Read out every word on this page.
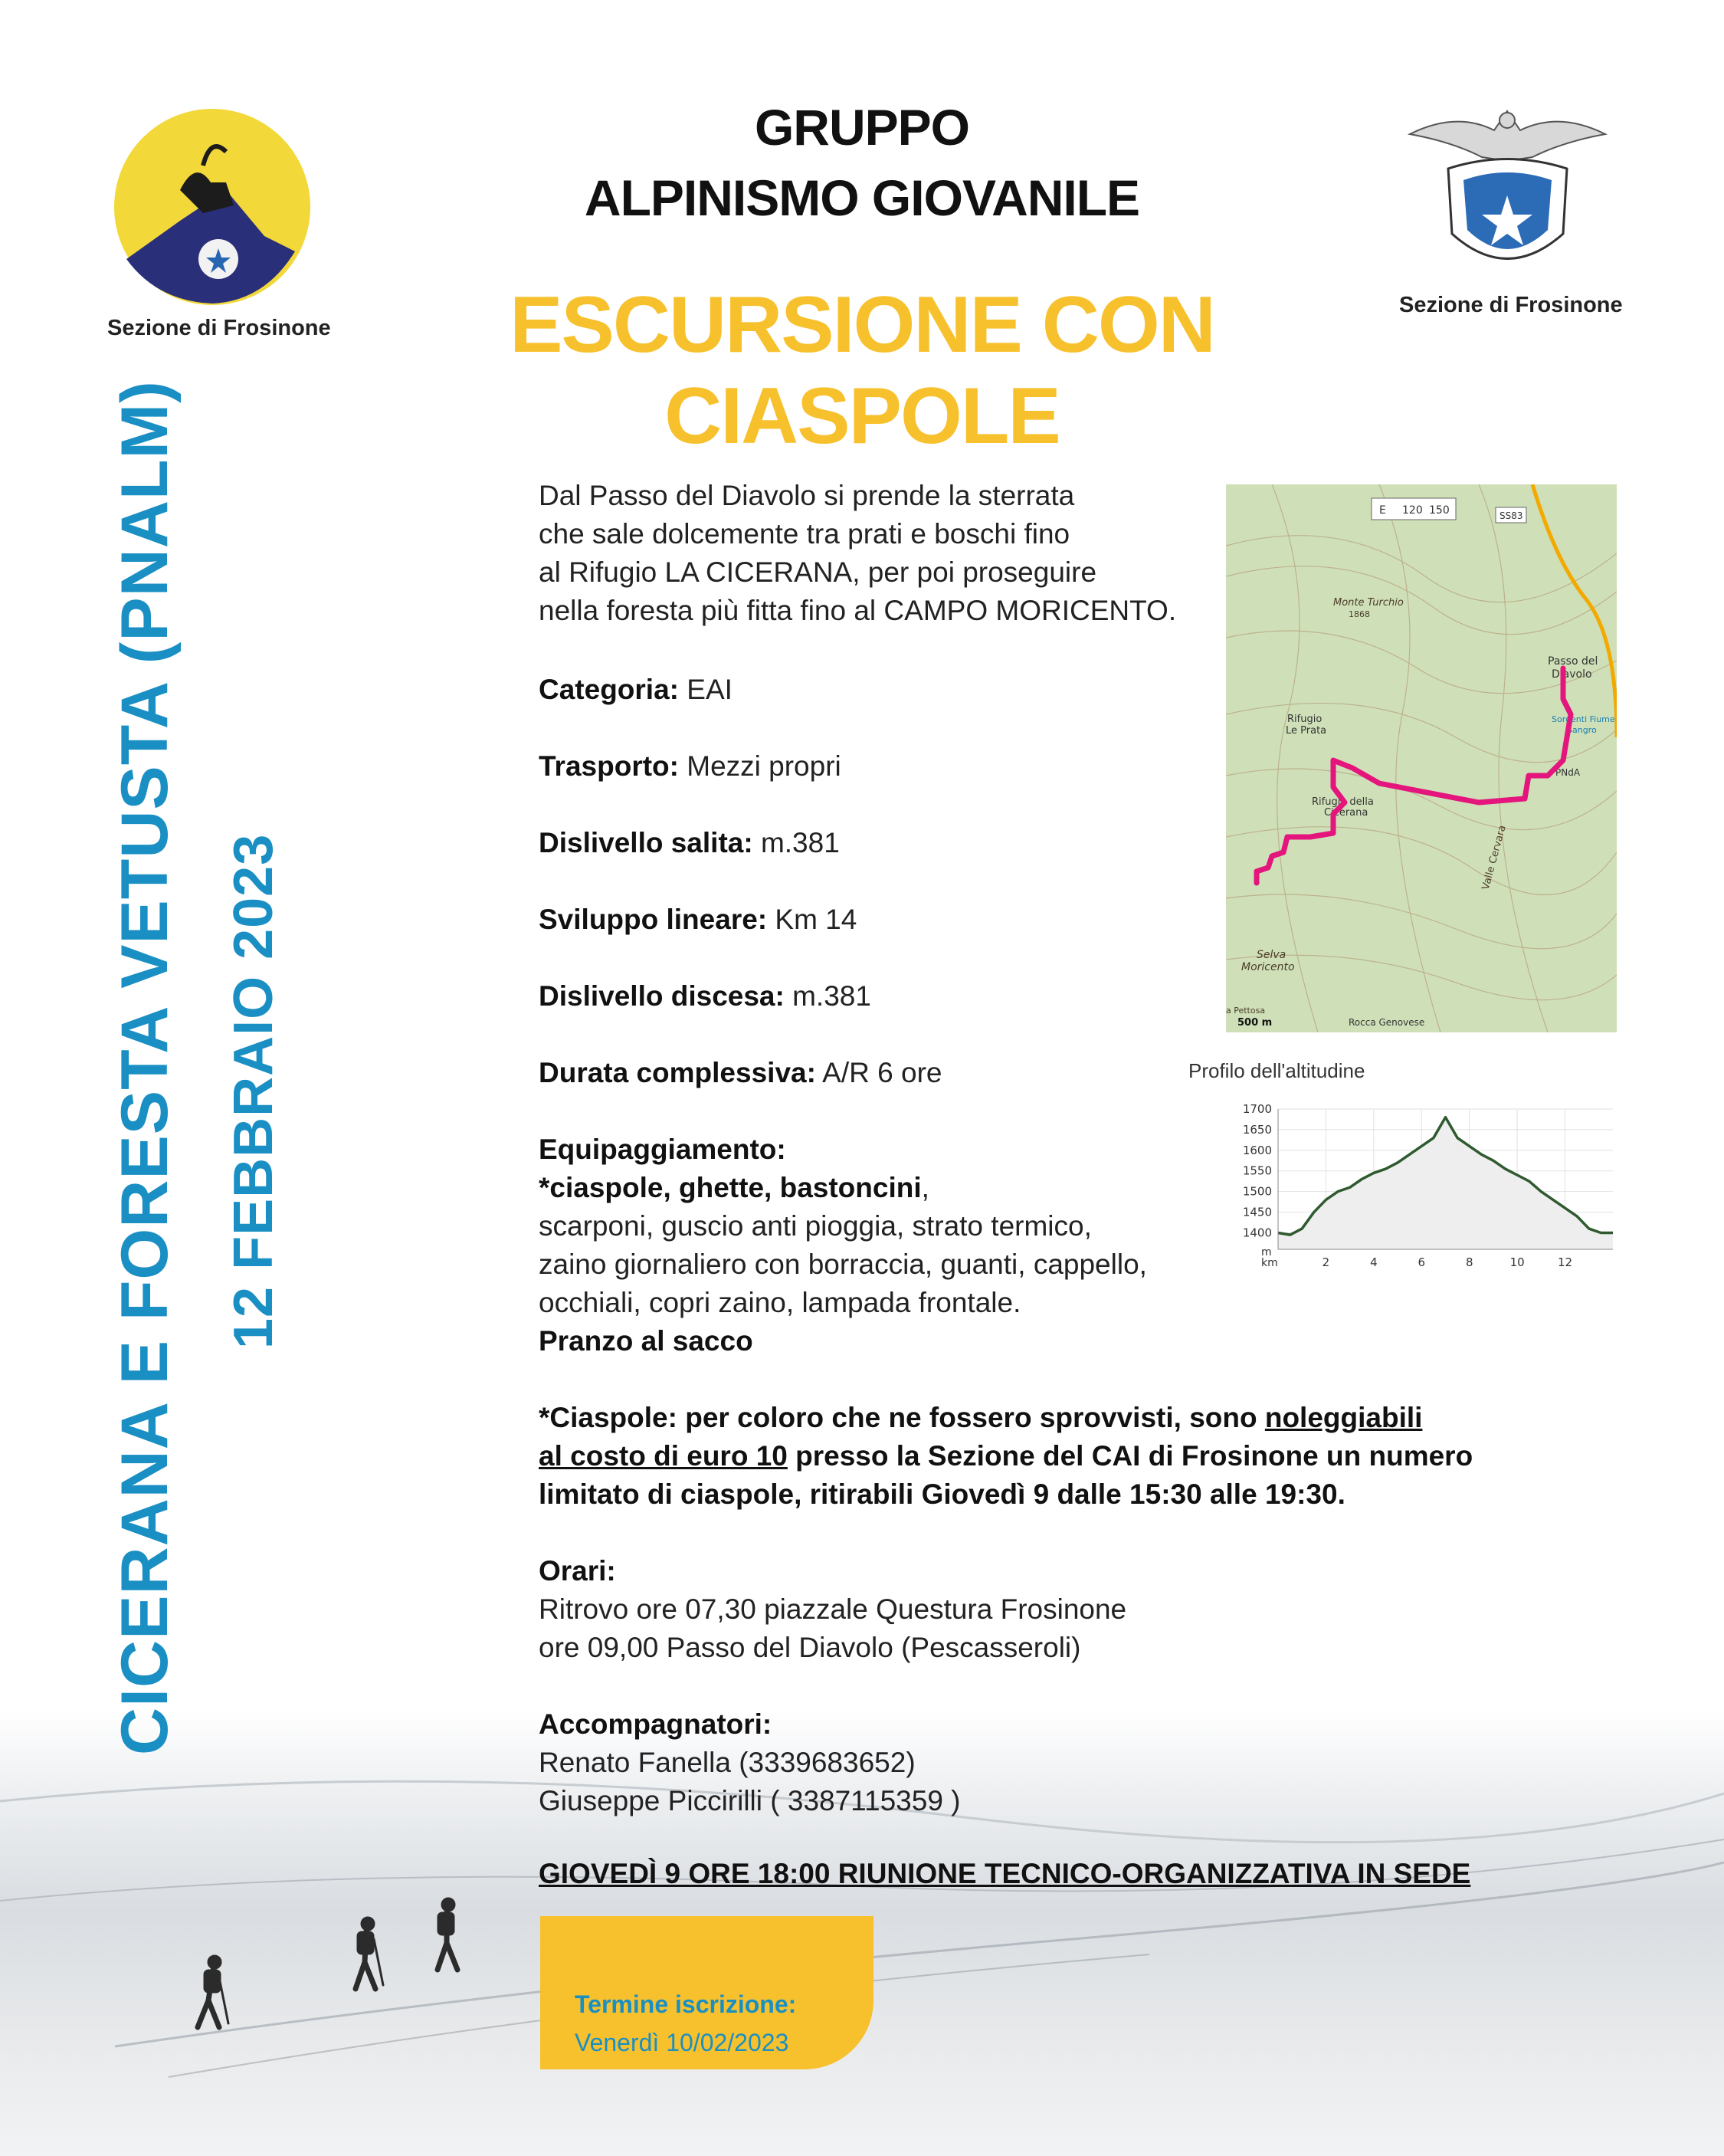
Sezione di Frosinone
Sezione di Frosinone
GRUPPO
ALPINISMO GIOVANILE
ESCURSIONE CON CIASPOLE
CICERANA E FORESTA VETUSTA (PNALM) 12 FEBBRAIO 2023
Dal Passo del Diavolo si prende la sterrata
che sale dolcemente tra prati e boschi fino
al Rifugio LA CICERANA, per poi proseguire
nella foresta più fitta fino al CAMPO MORICENTO.
Categoria: EAI
Trasporto: Mezzi propri
Dislivello salita: m.381
Sviluppo lineare: Km 14
Dislivello discesa: m.381
Durata complessiva: A/R 6 ore
Equipaggiamento:
*ciaspole, ghette, bastoncini,
scarponi, guscio anti pioggia, strato termico,
zaino giornaliero con borraccia, guanti, cappello,
occhiali, copri zaino, lampada frontale.
Pranzo al sacco
*Ciaspole: per coloro che ne fossero sprovvisti, sono noleggiabili
al costo di euro 10 presso la Sezione del CAI di Frosinone un numero
limitato di ciaspole, ritirabili Giovedì 9 dalle 15:30 alle 19:30.
Orari:
Ritrovo ore 07,30 piazzale Questura Frosinone
ore 09,00 Passo del Diavolo (Pescasseroli)
Accompagnatori:
Renato Fanella (3339683652)
Giuseppe Piccirilli ( 3387115359 )
GIOVEDÌ 9 ORE 18:00 RIUNIONE TECNICO-ORGANIZZATIVA IN SEDE
E 120 150	SS83
Monte Turchio
1868
Passo del
Diavolo
Sorgenti Fiume
Sangro
Rifugio
Le Prata
Rifugio della
Cicerana
PNdA
Valle Cervara
Selva
Moricento
a Pettosa
500 m	Rocca Genovese
Profilo dell'altitudine
1400
1450
1500
1550
1600
1650
1700
2	4	6	8	10	12
m
km
Termine iscrizione:
Venerdì 10/02/2023
